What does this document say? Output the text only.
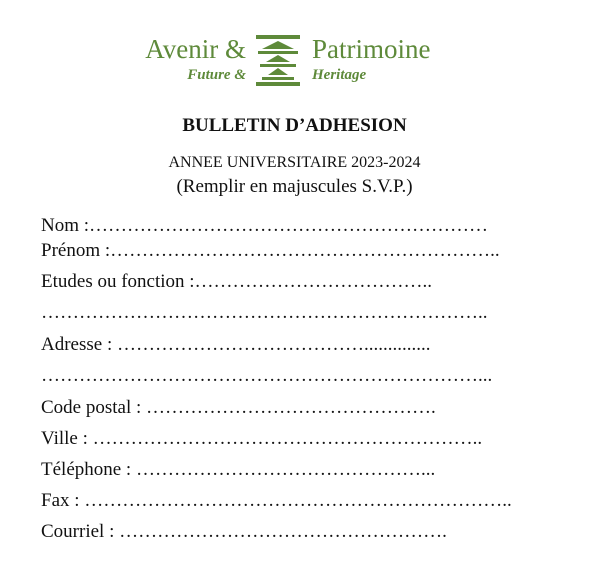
Avenir &
Future &
Patrimoine
Heritage
BULLETIN D’ADHESION
ANNEE UNIVERSITAIRE 2023-2024
(Remplir en majuscules S.V.P.)
Nom :………………………………………………………
Prénom :……………………………………………………..
Etudes ou fonction :………………………………..
……………………………………………………………..
Adresse : …………………………………..............
……………………………………………………………...
Code postal : ……………………………………….
Ville : ……………………………………………………..
Téléphone : ………………………………………...
Fax : …………………………………………………………..
Courriel : …………………………………………….
